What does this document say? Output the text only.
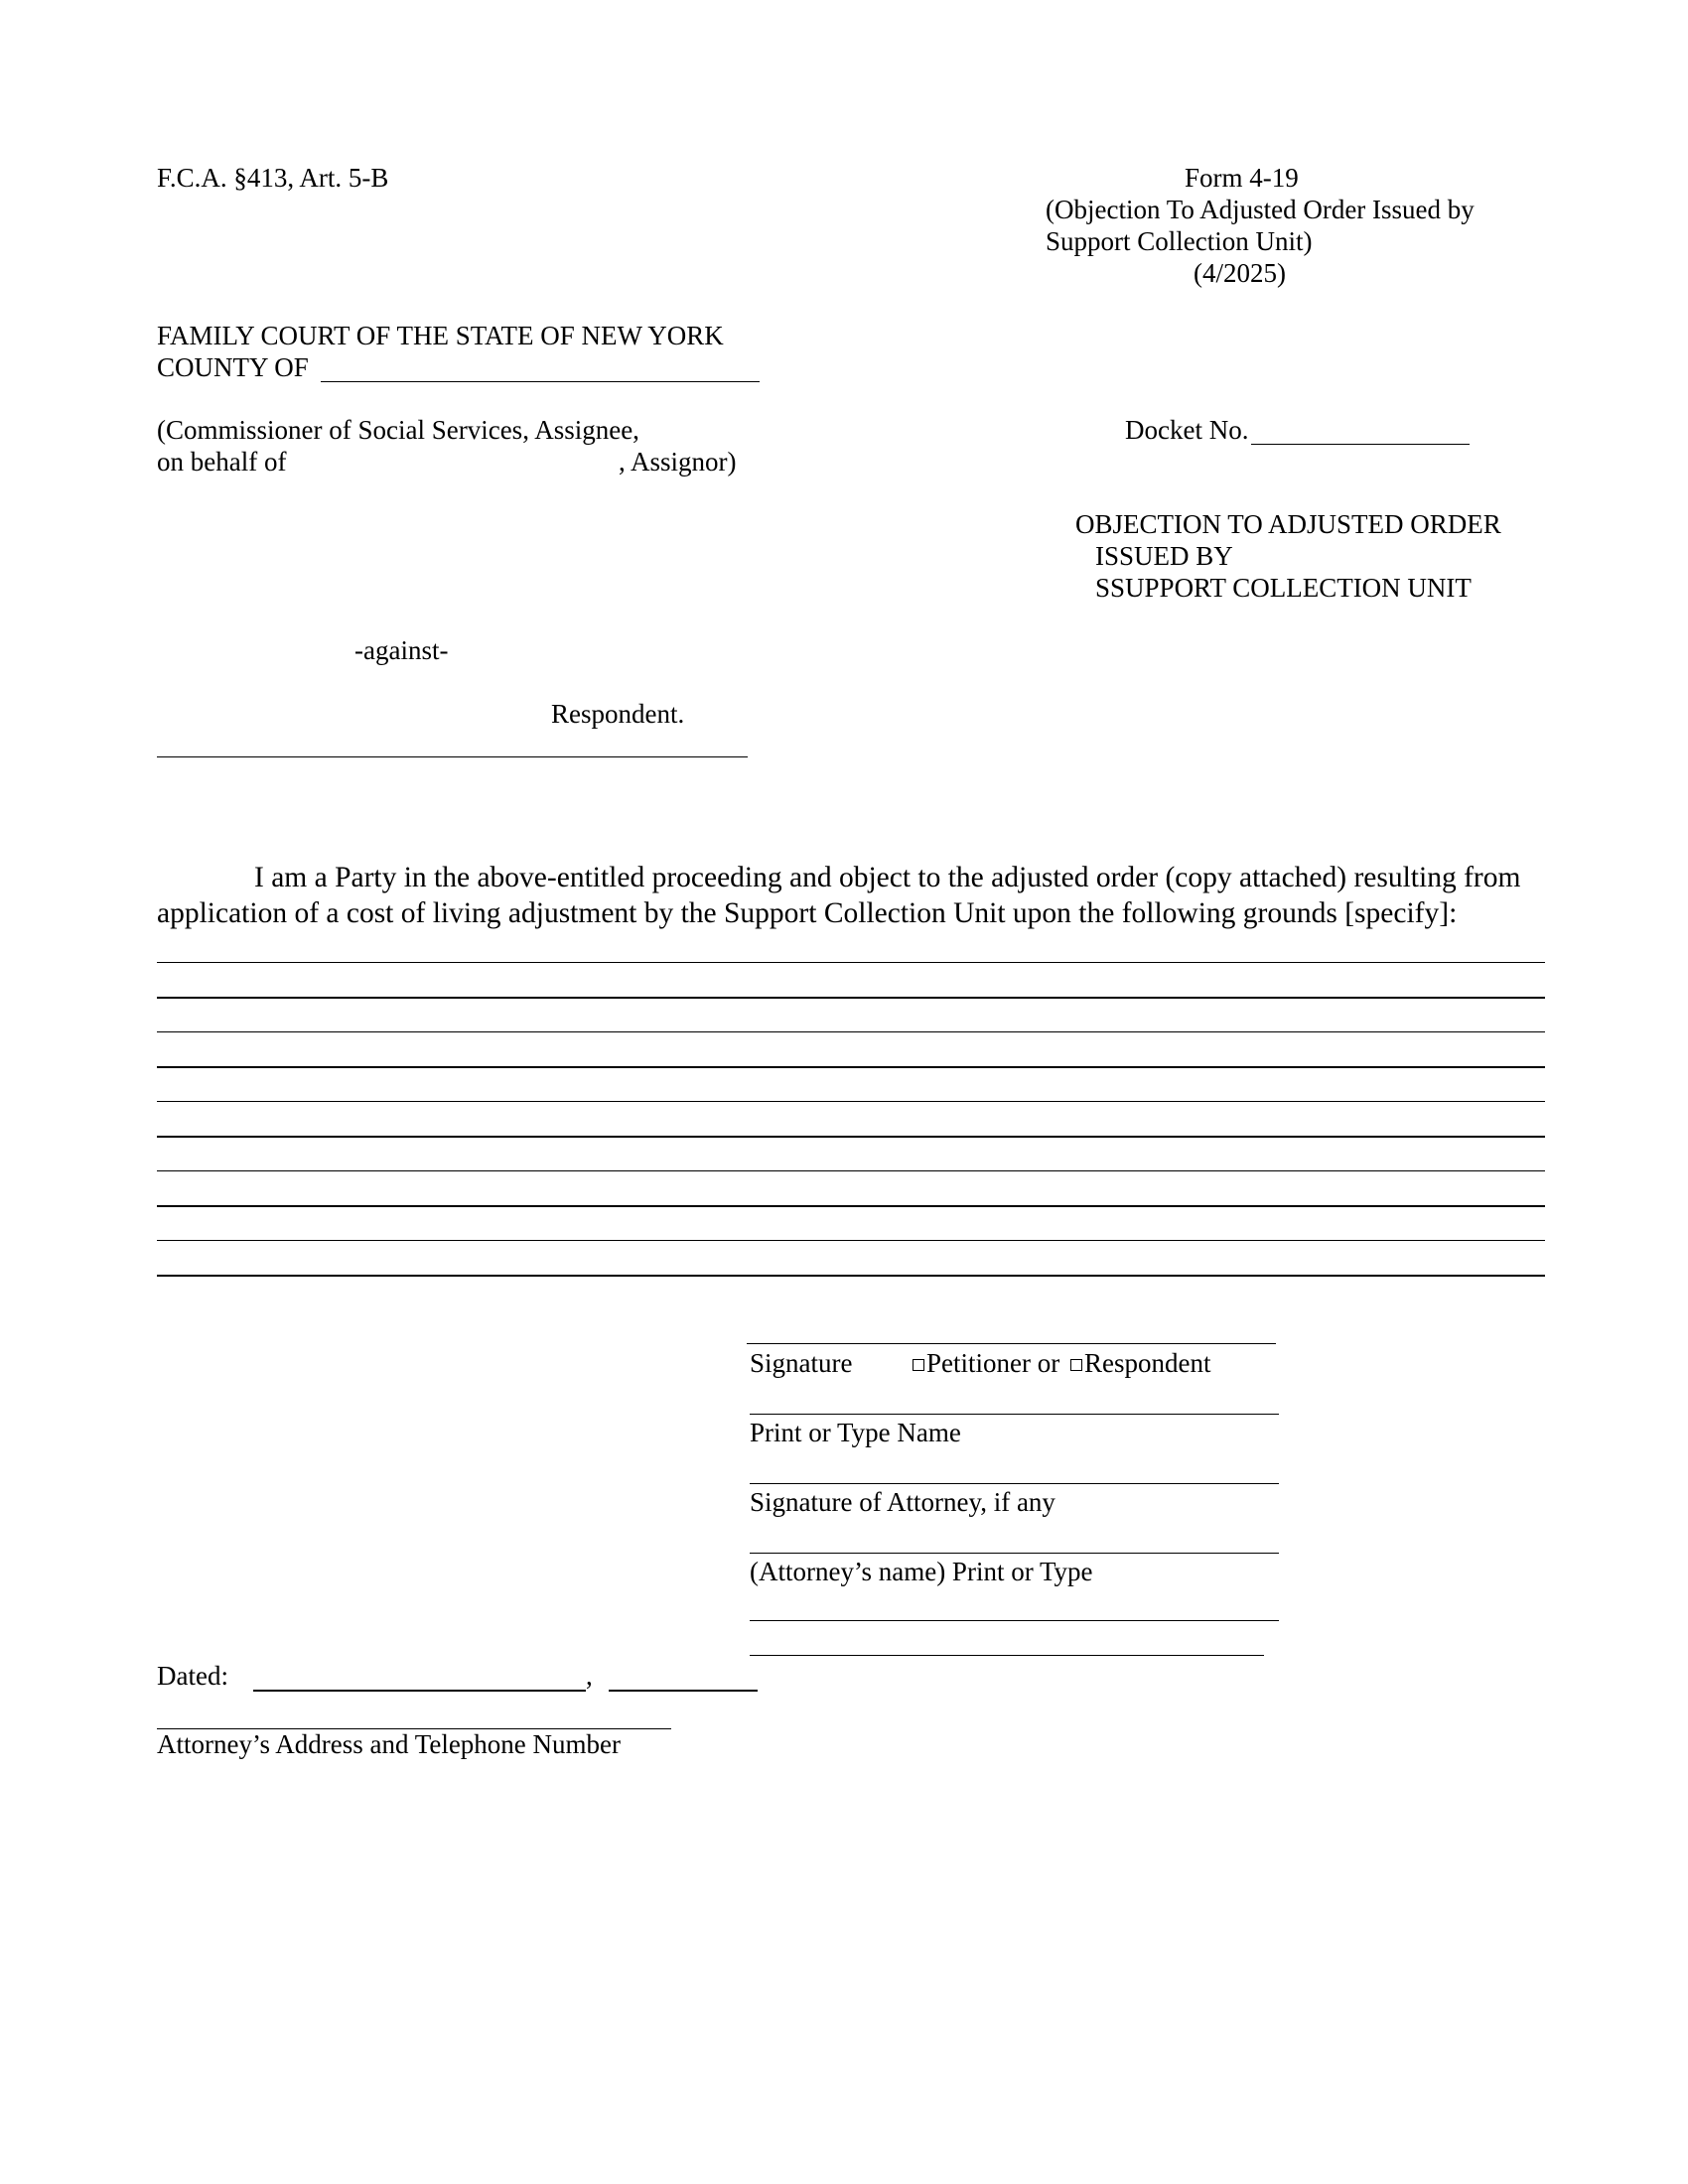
F.C.A. §413, Art. 5-B	Form 4-19
(Objection To Adjusted Order Issued by
Support Collection Unit)
(4/2025)
FAMILY COURT OF THE STATE OF NEW YORK
COUNTY OF
(Commissioner of Social Services, Assignee,
on behalf of	, Assignor)
Docket No.
OBJECTION TO ADJUSTED ORDER
ISSUED BY
SSUPPORT COLLECTION UNIT
-against-
Respondent.
I am a Party in the above-entitled proceeding and object to the adjusted order (copy attached) resulting from application of a cost of living adjustment by the Support Collection Unit upon the following grounds [specify]:
Signature	Petitioner or Respondent
Print or Type Name
Signature of Attorney, if any
(Attorney’s name) Print or Type
Dated:	,
Attorney’s Address and Telephone Number
